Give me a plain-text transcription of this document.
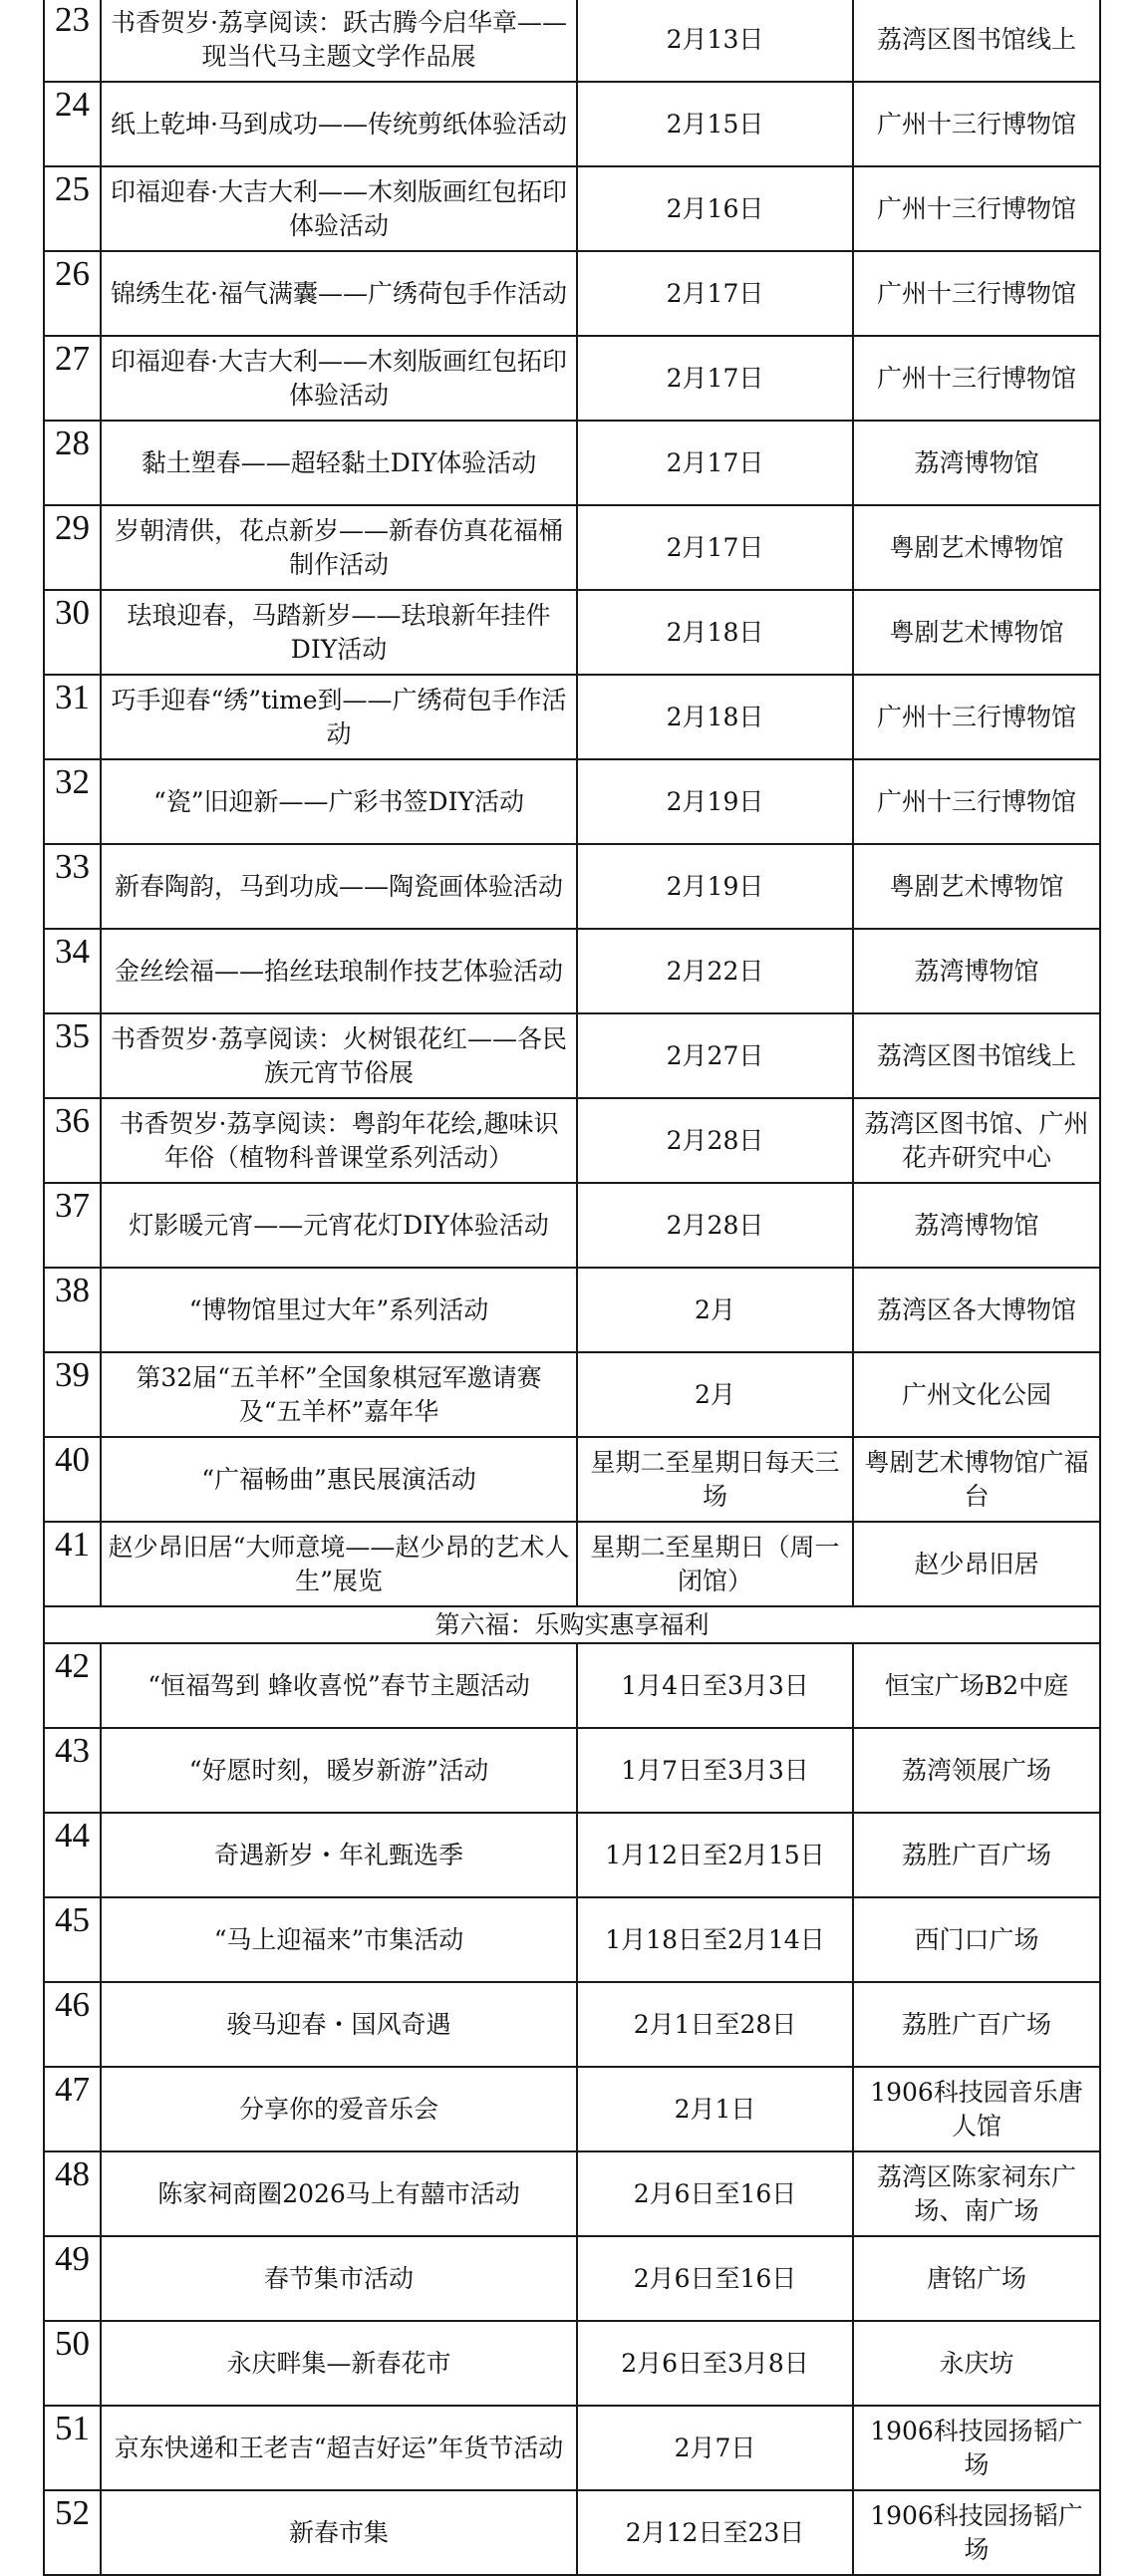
23	书香贺岁·荔享阅读：跃古腾今启华章——现当代马主题文学作品展	2月13日	荔湾区图书馆线上
24	纸上乾坤·马到成功——传统剪纸体验活动	2月15日	广州十三行博物馆
25	印福迎春·大吉大利——木刻版画红包拓印体验活动	2月16日	广州十三行博物馆
26	锦绣生花·福气满囊——广绣荷包手作活动	2月17日	广州十三行博物馆
27	印福迎春·大吉大利——木刻版画红包拓印体验活动	2月17日	广州十三行博物馆
28	黏土塑春——超轻黏土DIY体验活动	2月17日	荔湾博物馆
29	岁朝清供，花点新岁——新春仿真花福桶制作活动	2月17日	粤剧艺术博物馆
30	珐琅迎春，马踏新岁——珐琅新年挂件DIY活动	2月18日	粤剧艺术博物馆
31	巧手迎春“绣”time到——广绣荷包手作活动	2月18日	广州十三行博物馆
32	“瓷”旧迎新——广彩书签DIY活动	2月19日	广州十三行博物馆
33	新春陶韵，马到功成——陶瓷画体验活动	2月19日	粤剧艺术博物馆
34	金丝绘福——掐丝珐琅制作技艺体验活动	2月22日	荔湾博物馆
35	书香贺岁·荔享阅读：火树银花红——各民族元宵节俗展	2月27日	荔湾区图书馆线上
36	书香贺岁·荔享阅读：粤韵年花绘,趣味识年俗（植物科普课堂系列活动）	2月28日	荔湾区图书馆、广州花卉研究中心
37	灯影暖元宵——元宵花灯DIY体验活动	2月28日	荔湾博物馆
38	“博物馆里过大年”系列活动	2月	荔湾区各大博物馆
39	第32届“五羊杯”全国象棋冠军邀请赛及“五羊杯”嘉年华	2月	广州文化公园
40	“广福畅曲”惠民展演活动	星期二至星期日每天三场	粤剧艺术博物馆广福台
41	赵少昂旧居“大师意境——赵少昂的艺术人生”展览	星期二至星期日（周一闭馆）	赵少昂旧居
第六福：乐购实惠享福利			
42	“恒福驾到 蜂收喜悦”春节主题活动	1月4日至3月3日	恒宝广场B2中庭
43	“好愿时刻，暖岁新游”活动	1月7日至3月3日	荔湾领展广场
44	奇遇新岁・年礼甄选季	1月12日至2月15日	荔胜广百广场
45	“马上迎福来”市集活动	1月18日至2月14日	西门口广场
46	骏马迎春・国风奇遇	2月1日至28日	荔胜广百广场
47	分享你的爱音乐会	2月1日	1906科技园音乐唐人馆
48	陈家祠商圈2026马上有囍市活动	2月6日至16日	荔湾区陈家祠东广场、南广场
49	春节集市活动	2月6日至16日	唐铭广场
50	永庆畔集—新春花市	2月6日至3月8日	永庆坊
51	京东快递和王老吉“超吉好运”年货节活动	2月7日	1906科技园扬韬广场
52	新春市集	2月12日至23日	1906科技园扬韬广场
